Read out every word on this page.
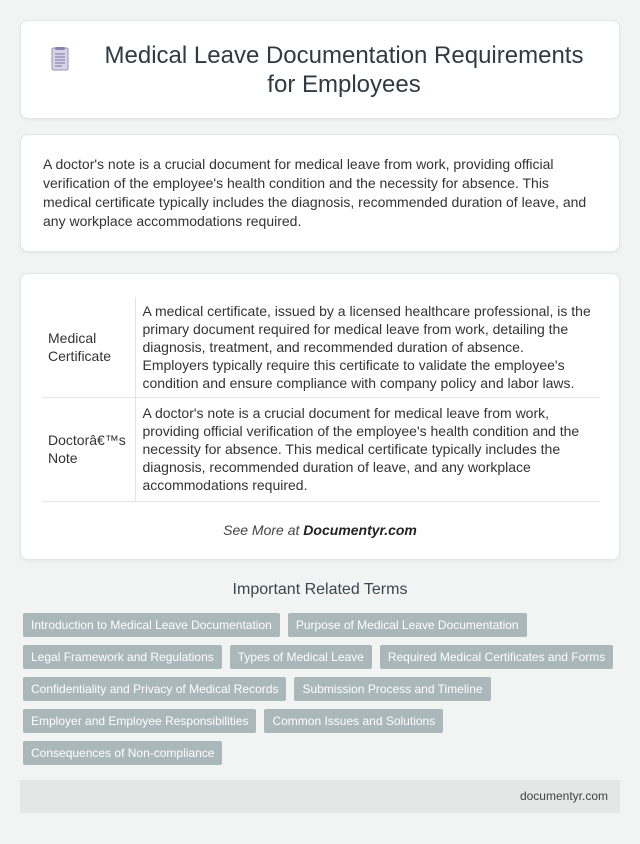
Medical Leave Documentation Requirements for Employees

A doctor's note is a crucial document for medical leave from work, providing official verification of the employee's health condition and the necessity for absence. This medical certificate typically includes the diagnosis, recommended duration of leave, and any workplace accommodations required.

Medical Certificate	A medical certificate, issued by a licensed healthcare professional, is the primary document required for medical leave from work, detailing the diagnosis, treatment, and recommended duration of absence. Employers typically require this certificate to validate the employee's condition and ensure compliance with company policy and labor laws.
Doctorâ€™s Note	A doctor's note is a crucial document for medical leave from work, providing official verification of the employee's health condition and the necessity for absence. This medical certificate typically includes the diagnosis, recommended duration of leave, and any workplace accommodations required.
See More at Documentyr.com
Important Related Terms
Introduction to Medical Leave Documentation	Purpose of Medical Leave Documentation
Legal Framework and Regulations	Types of Medical Leave	Required Medical Certificates and Forms
Confidentiality and Privacy of Medical Records	Submission Process and Timeline
Employer and Employee Responsibilities	Common Issues and Solutions
Consequences of Non-compliance
documentyr.com
